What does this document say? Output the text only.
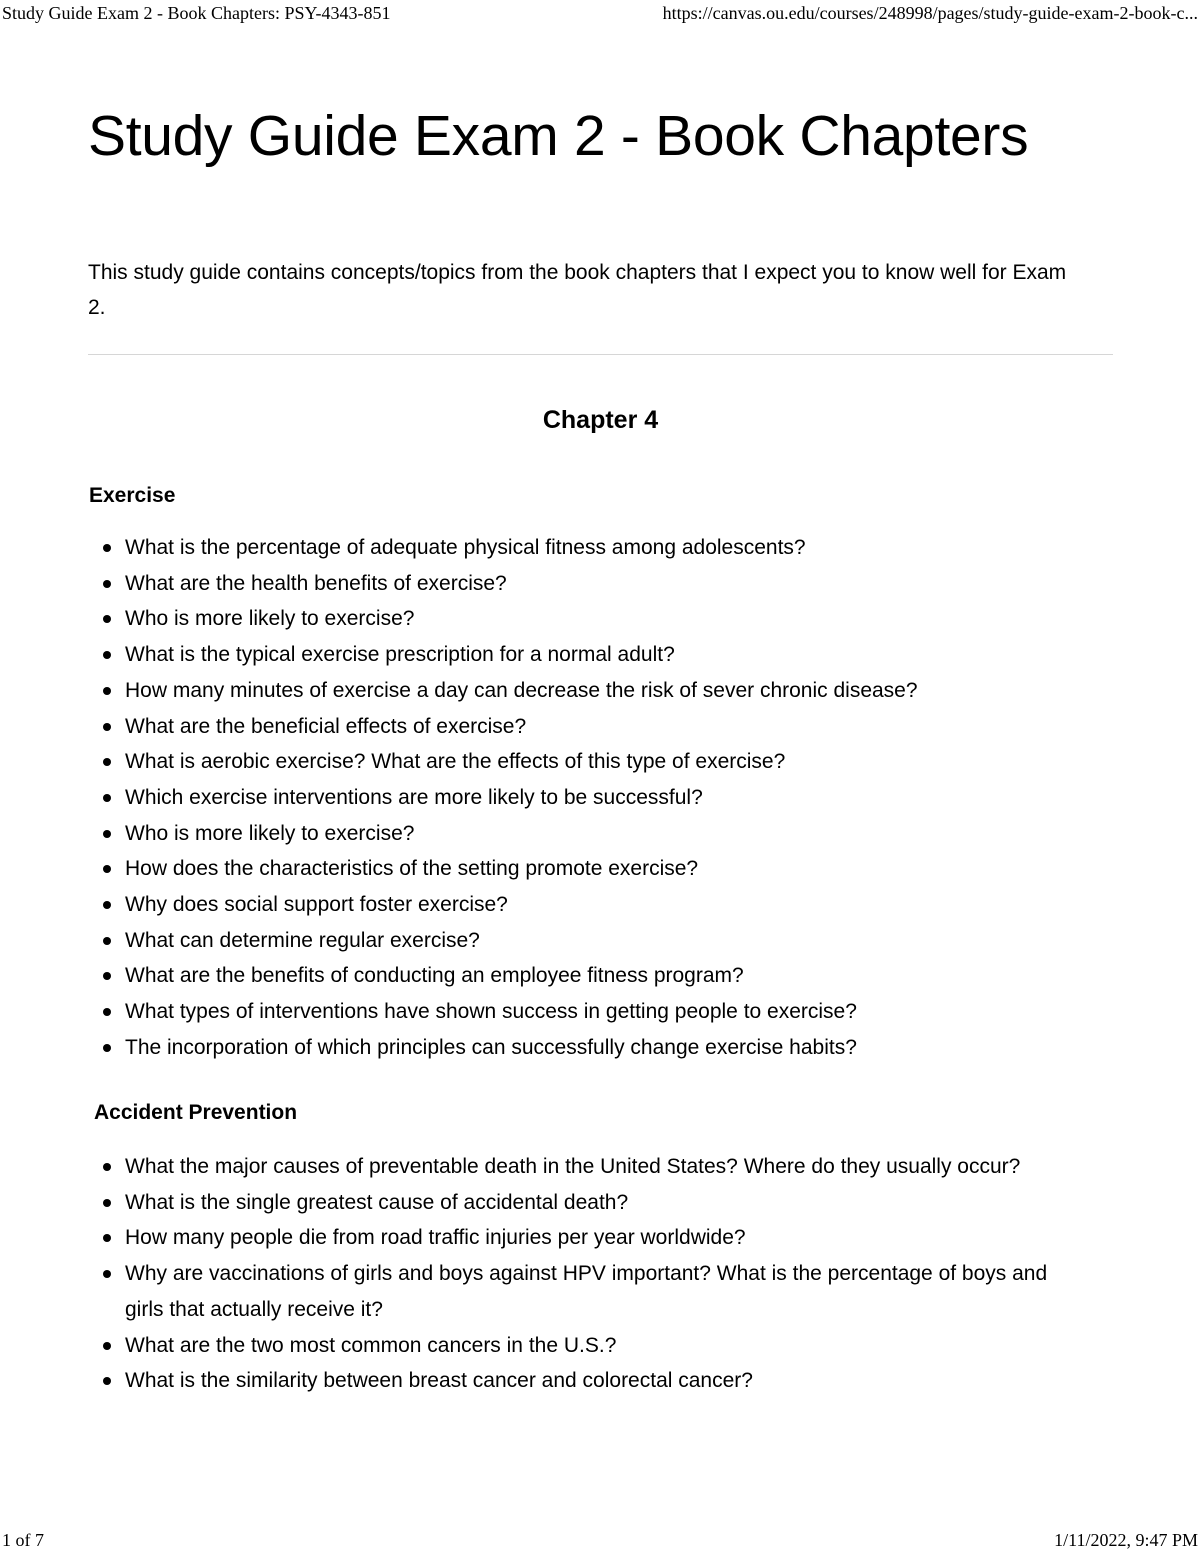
Study Guide Exam 2 - Book Chapters: PSY-4343-851	https://canvas.ou.edu/courses/248998/pages/study-guide-exam-2-book-c...
Study Guide Exam 2 - Book Chapters

This study guide contains concepts/topics from the book chapters that I expect you to know well for Exam 2.

Chapter 4
Exercise
What is the percentage of adequate physical fitness among adolescents?
What are the health benefits of exercise?
Who is more likely to exercise?
What is the typical exercise prescription for a normal adult?
How many minutes of exercise a day can decrease the risk of sever chronic disease?
What are the beneficial effects of exercise?
What is aerobic exercise? What are the effects of this type of exercise?
Which exercise interventions are more likely to be successful?
Who is more likely to exercise?
How does the characteristics of the setting promote exercise?
Why does social support foster exercise?
What can determine regular exercise?
What are the benefits of conducting an employee fitness program?
What types of interventions have shown success in getting people to exercise?
The incorporation of which principles can successfully change exercise habits?
Accident Prevention
What the major causes of preventable death in the United States? Where do they usually occur?
What is the single greatest cause of accidental death?
How many people die from road traffic injuries per year worldwide?
Why are vaccinations of girls and boys against HPV important? What is the percentage of boys and girls that actually receive it?
What are the two most common cancers in the U.S.?
What is the similarity between breast cancer and colorectal cancer?
1 of 7	1/11/2022, 9:47 PM
